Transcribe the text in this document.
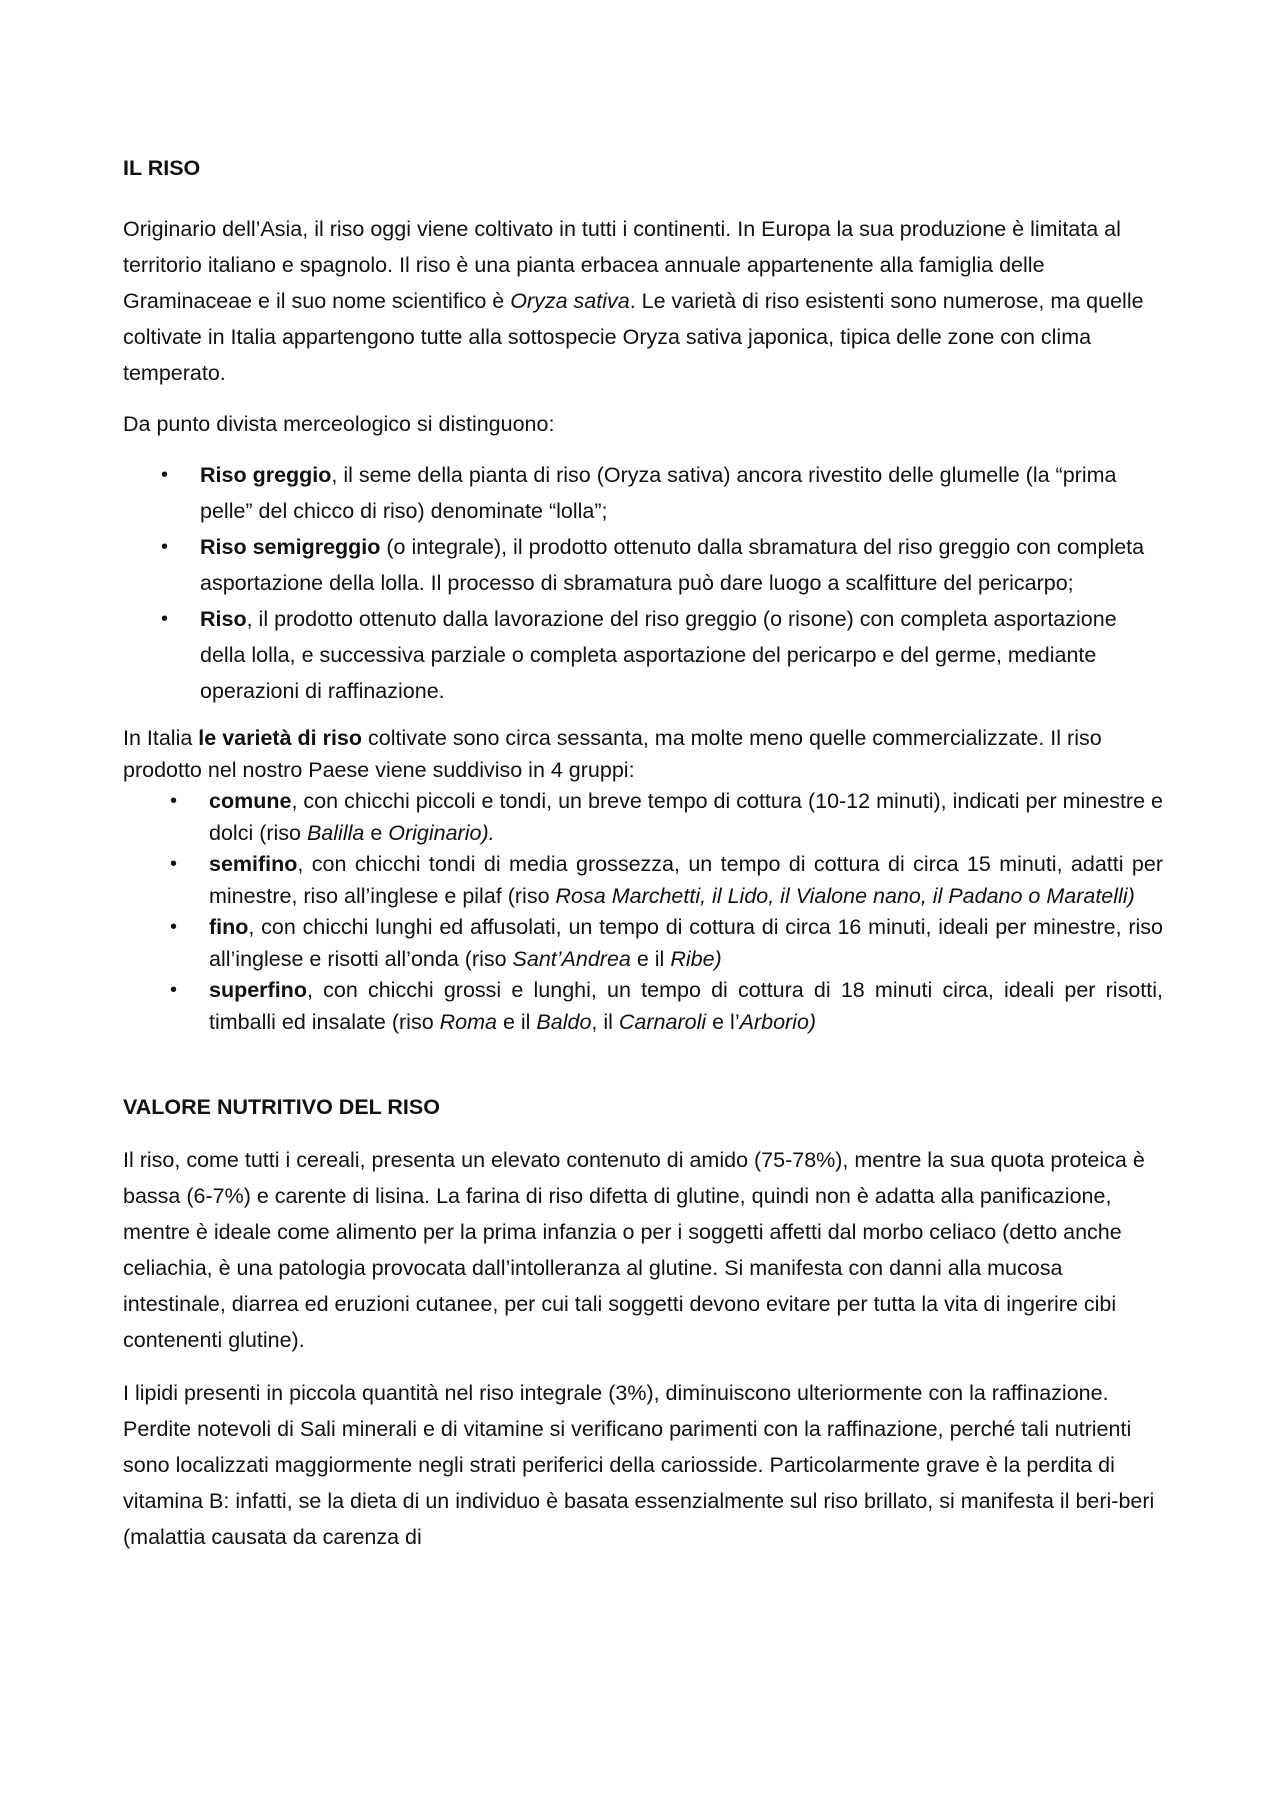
IL RISO

Originario dell’Asia, il riso oggi viene coltivato in tutti i continenti. In Europa la sua produzione è limitata al territorio italiano e spagnolo. Il riso è una pianta erbacea annuale appartenente alla famiglia delle Graminaceae e il suo nome scientifico è Oryza sativa. Le varietà di riso esistenti sono numerose, ma quelle coltivate in Italia appartengono tutte alla sottospecie Oryza sativa japonica, tipica delle zone con clima temperato.

Da punto divista merceologico si distinguono:

• Riso greggio, il seme della pianta di riso (Oryza sativa) ancora rivestito delle glumelle (la “prima pelle” del chicco di riso) denominate “lolla”;
• Riso semigreggio (o integrale), il prodotto ottenuto dalla sbramatura del riso greggio con completa asportazione della lolla. Il processo di sbramatura può dare luogo a scalfitture del pericarpo;
• Riso, il prodotto ottenuto dalla lavorazione del riso greggio (o risone) con completa asportazione della lolla, e successiva parziale o completa asportazione del pericarpo e del germe, mediante operazioni di raffinazione.

In Italia le varietà di riso coltivate sono circa sessanta, ma molte meno quelle commercializzate. Il riso prodotto nel nostro Paese viene suddiviso in 4 gruppi:

• comune, con chicchi piccoli e tondi, un breve tempo di cottura (10-12 minuti), indicati per minestre e dolci (riso Balilla e Originario).
• semifino, con chicchi tondi di media grossezza, un tempo di cottura di circa 15 minuti, adatti per minestre, riso all’inglese e pilaf (riso Rosa Marchetti, il Lido, il Vialone nano, il Padano o Maratelli)
• fino, con chicchi lunghi ed affusolati, un tempo di cottura di circa 16 minuti, ideali per minestre, riso all’inglese e risotti all’onda (riso Sant’Andrea e il Ribe)
• superfino, con chicchi grossi e lunghi, un tempo di cottura di 18 minuti circa, ideali per risotti, timballi ed insalate (riso Roma e il Baldo, il Carnaroli e l’Arborio)

VALORE NUTRITIVO DEL RISO

Il riso, come tutti i cereali, presenta un elevato contenuto di amido (75-78%), mentre la sua quota proteica è bassa (6-7%) e carente di lisina. La farina di riso difetta di glutine, quindi non è adatta alla panificazione, mentre è ideale come alimento per la prima infanzia o per i soggetti affetti dal morbo celiaco (detto anche celiachia, è una patologia provocata dall’intolleranza al glutine. Si manifesta con danni alla mucosa intestinale, diarrea ed eruzioni cutanee, per cui tali soggetti devono evitare per tutta la vita di ingerire cibi contenenti glutine).

I lipidi presenti in piccola quantità nel riso integrale (3%), diminuiscono ulteriormente con la raffinazione. Perdite notevoli di Sali minerali e di vitamine si verificano parimenti con la raffinazione, perché tali nutrienti sono localizzati maggiormente negli strati periferici della cariosside. Particolarmente grave è la perdita di vitamina B: infatti, se la dieta di un individuo è basata essenzialmente sul riso brillato, si manifesta il beri-beri (malattia causata da carenza di
